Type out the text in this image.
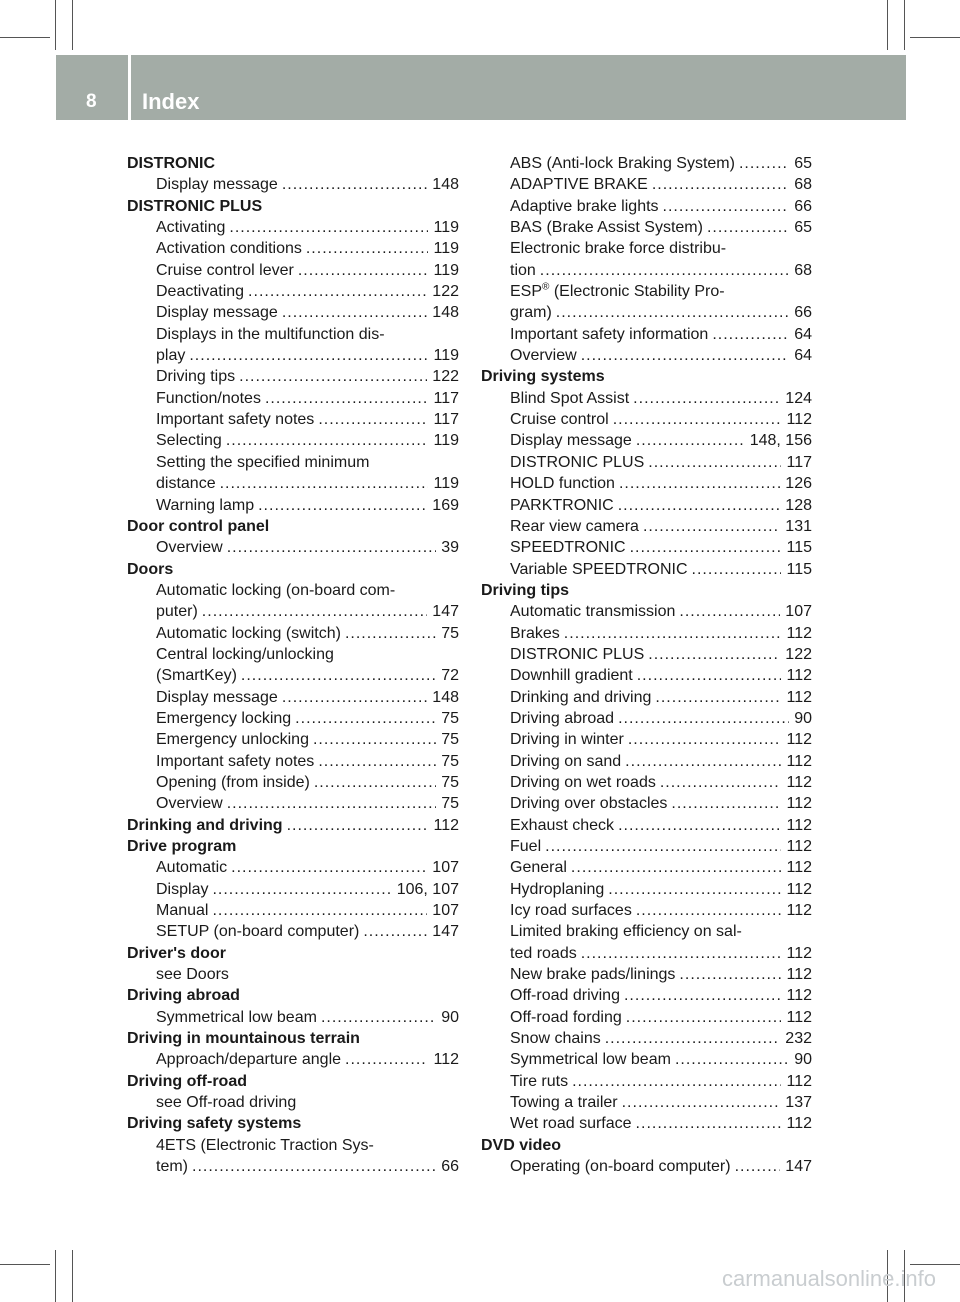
8 Index
DISTRONIC
Display message .....	148
DISTRONIC PLUS
Activating .....	119
Activation conditions .....	119
Cruise control lever .....	119
Deactivating .....	122
Display message .....	148
Displays in the multifunction dis-
play .....	119
Driving tips .....	122
Function/notes .....	117
Important safety notes .....	117
Selecting .....	119
Setting the specified minimum
distance .....	119
Warning lamp .....	169
Door control panel
Overview .....	39
Doors
Automatic locking (on-board com-
puter) .....	147
Automatic locking (switch) .....	75
Central locking/unlocking
(SmartKey) .....	72
Display message .....	148
Emergency locking .....	75
Emergency unlocking .....	75
Important safety notes .....	75
Opening (from inside) .....	75
Overview .....	75
Drinking and driving .....	112
Drive program
Automatic .....	107
Display .....	106, 107
Manual .....	107
SETUP (on-board computer) .....	147
Driver's door
see Doors
Driving abroad
Symmetrical low beam .....	90
Driving in mountainous terrain
Approach/departure angle .....	112
Driving off-road
see Off-road driving
Driving safety systems
4ETS (Electronic Traction Sys-
tem) .....	66
ABS (Anti-lock Braking System) .....	65
ADAPTIVE BRAKE .....	68
Adaptive brake lights .....	66
BAS (Brake Assist System) .....	65
Electronic brake force distribu-
tion .....	68
ESP® (Electronic Stability Pro-
gram) .....	66
Important safety information .....	64
Overview .....	64
Driving systems
Blind Spot Assist .....	124
Cruise control .....	112
Display message .....	148, 156
DISTRONIC PLUS .....	117
HOLD function .....	126
PARKTRONIC .....	128
Rear view camera .....	131
SPEEDTRONIC .....	115
Variable SPEEDTRONIC .....	115
Driving tips
Automatic transmission .....	107
Brakes .....	112
DISTRONIC PLUS .....	122
Downhill gradient .....	112
Drinking and driving .....	112
Driving abroad .....	90
Driving in winter .....	112
Driving on sand .....	112
Driving on wet roads .....	112
Driving over obstacles .....	112
Exhaust check .....	112
Fuel .....	112
General .....	112
Hydroplaning .....	112
Icy road surfaces .....	112
Limited braking efficiency on sal-
ted roads .....	112
New brake pads/linings .....	112
Off-road driving .....	112
Off-road fording .....	112
Snow chains .....	232
Symmetrical low beam .....	90
Tire ruts .....	112
Towing a trailer .....	137
Wet road surface .....	112
DVD video
Operating (on-board computer) .....	147
carmanualsonline.info
